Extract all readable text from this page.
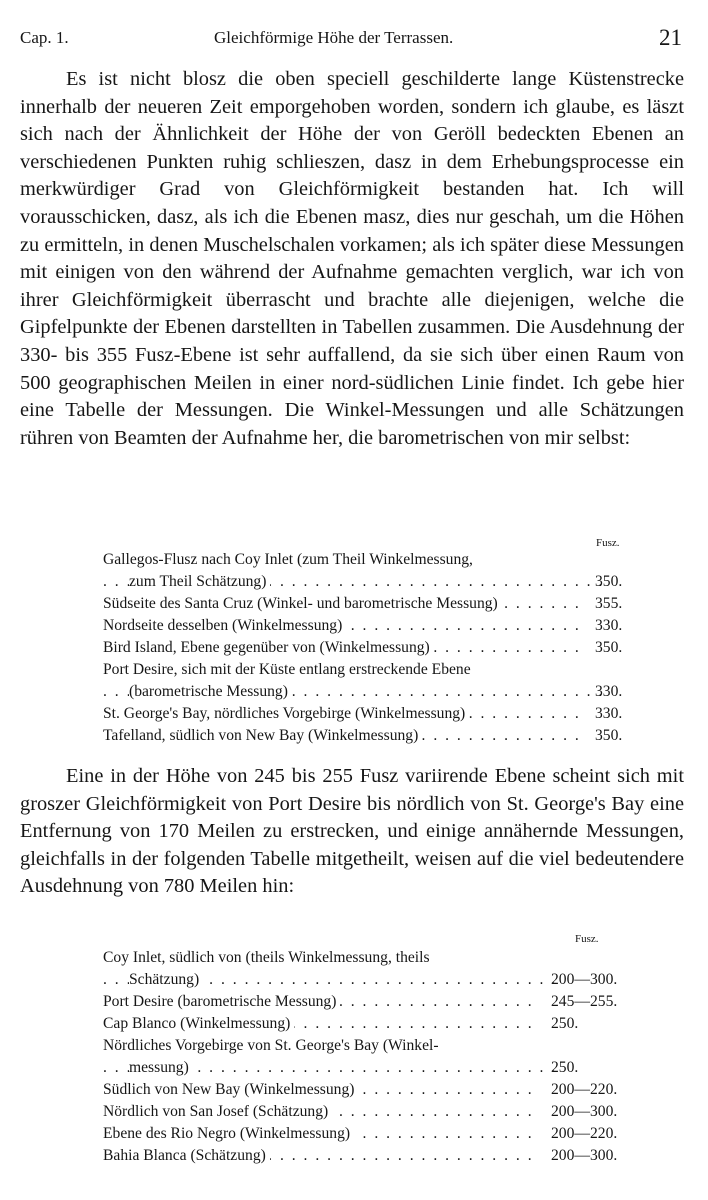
Cap. 1.	Gleichförmige Höhe der Terrassen.	21

Es ist nicht blosz die oben speciell geschilderte lange Küstenstrecke innerhalb der neueren Zeit emporgehoben worden, sondern ich glaube, es läszt sich nach der Ähnlichkeit der Höhe der von Geröll bedeckten Ebenen an verschiedenen Punkten ruhig schlieszen, dasz in dem Erhebungsprocesse ein merkwürdiger Grad von Gleichförmigkeit bestanden hat. Ich will vorausschicken, dasz, als ich die Ebenen masz, dies nur geschah, um die Höhen zu ermitteln, in denen Muschelschalen vorkamen; als ich später diese Messungen mit einigen von den während der Aufnahme gemachten verglich, war ich von ihrer Gleichförmigkeit überrascht und brachte alle diejenigen, welche die Gipfelpunkte der Ebenen darstellten in Tabellen zusammen. Die Ausdehnung der 330- bis 355 Fusz-Ebene ist sehr auffallend, da sie sich über einen Raum von 500 geographischen Meilen in einer nord-südlichen Linie findet. Ich gebe hier eine Tabelle der Messungen. Die Winkel-Messungen und alle Schätzungen rühren von Beamten der Aufnahme her, die barometrischen von mir selbst:

Fusz.
Gallegos-Flusz nach Coy Inlet (zum Theil Winkelmessung,
zum Theil Schätzung) . . .	350.
Südseite des Santa Cruz (Winkel- und barometrische Messung) . . .	355.
Nordseite desselben (Winkelmessung) . . .	330.
Bird Island, Ebene gegenüber von (Winkelmessung) . . .	350.
Port Desire, sich mit der Küste entlang erstreckende Ebene
(barometrische Messung) . . .	330.
St. George's Bay, nördliches Vorgebirge (Winkelmessung) . . .	330.
Tafelland, südlich von New Bay (Winkelmessung) . . .	350.

Eine in der Höhe von 245 bis 255 Fusz variirende Ebene scheint sich mit groszer Gleichförmigkeit von Port Desire bis nördlich von St. George's Bay eine Entfernung von 170 Meilen zu erstrecken, und einige annähernde Messungen, gleichfalls in der folgenden Tabelle mitgetheilt, weisen auf die viel bedeutendere Ausdehnung von 780 Meilen hin:

Fusz.
Coy Inlet, südlich von (theils Winkelmessung, theils
Schätzung) . . .	200—300.
Port Desire (barometrische Messung) . . .	245—255.
Cap Blanco (Winkelmessung) . . .	250.
Nördliches Vorgebirge von St. George's Bay (Winkel-
messung) . . .	250.
Südlich von New Bay (Winkelmessung) . . .	200—220.
Nördlich von San Josef (Schätzung) . . .	200—300.
Ebene des Rio Negro (Winkelmessung) . . .	200—220.
Bahia Blanca (Schätzung) . . .	200—300.
